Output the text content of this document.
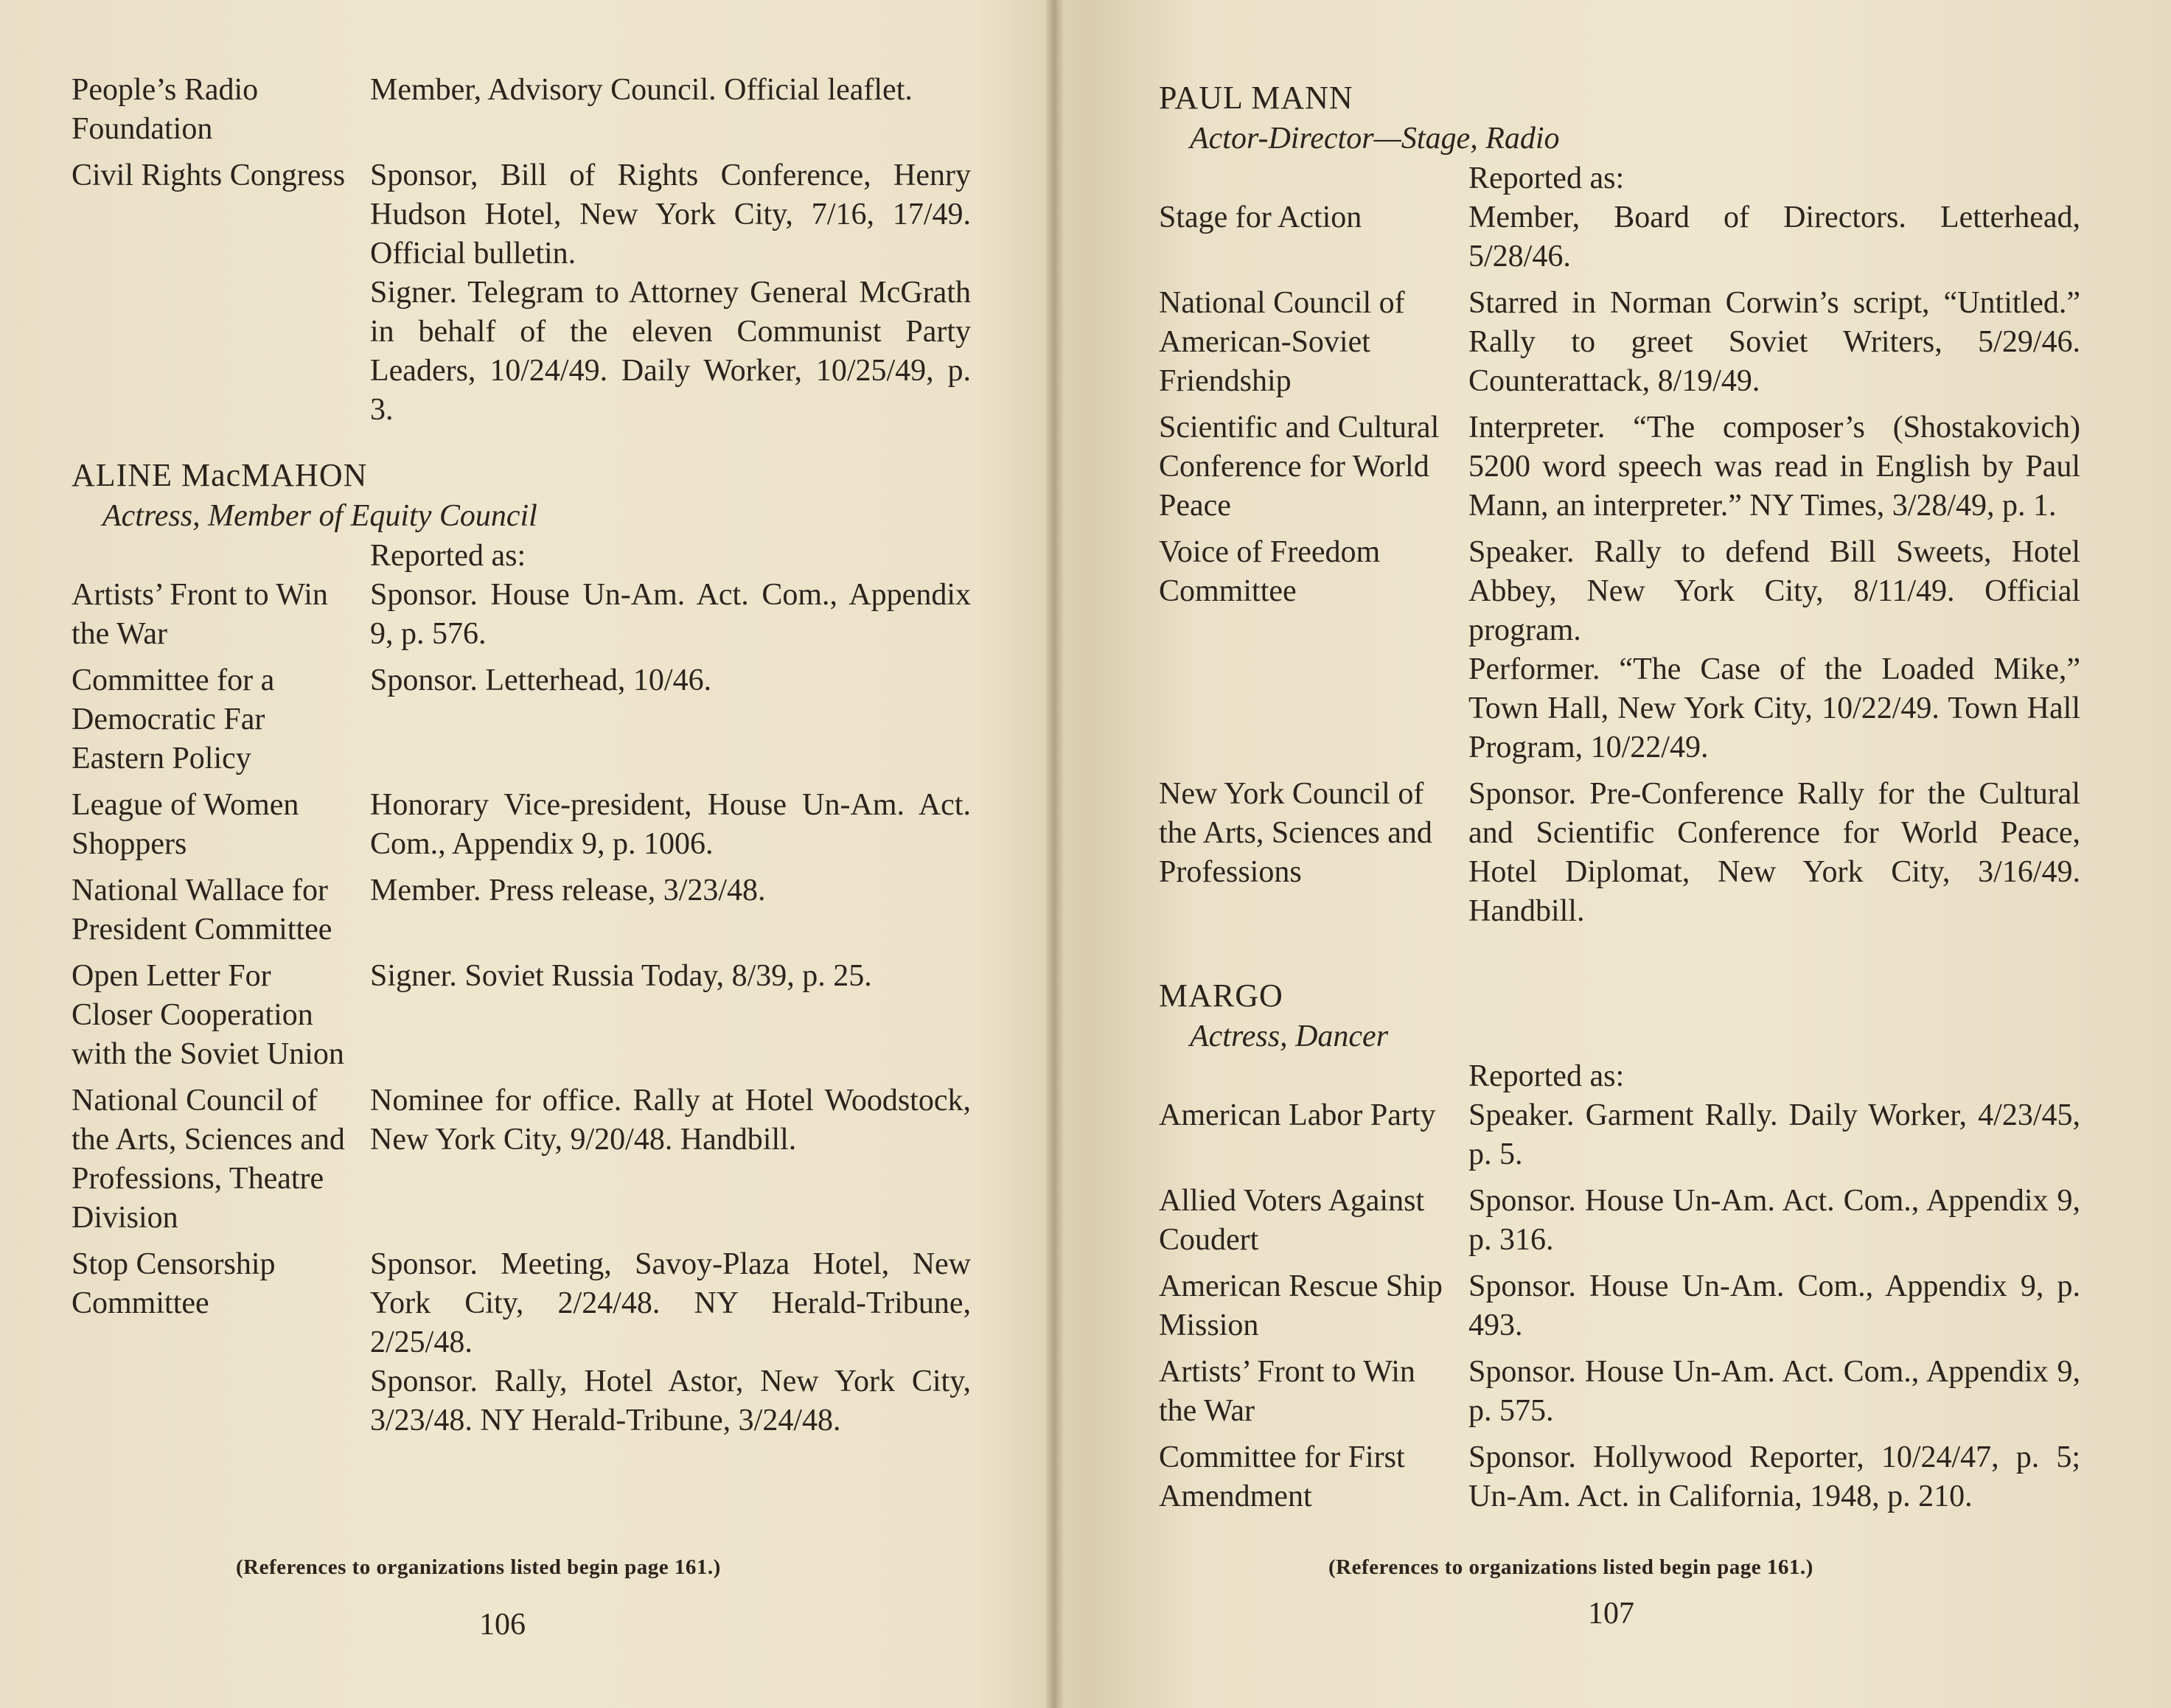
People’s Radio Foundation

Member, Advisory Council. Official leaflet.

Civil Rights Congress Sponsor, Bill of Rights Conference, Henry Hudson Hotel, New York City, 7/16, 17/49. Official bulletin.

Signer. Telegram to Attorney General McGrath in behalf of the eleven Communist Party Leaders, 10/24/49. Daily Worker, 10/25/49, p. 3.

ALINE MacMAHON
Actress, Member of Equity Council
Reported as:
Artists’ Front to Win the War

Sponsor. House Un-Am. Act. Com., Appendix 9, p. 576.

Committee for a Democratic Far Eastern Policy

Sponsor. Letterhead, 10/46.

League of Women Shoppers

Honorary Vice-president, House Un-Am. Act. Com., Appendix 9, p. 1006.

National Wallace for President Committee

Member. Press release, 3/23/48.

Open Letter For Closer Cooperation with the Soviet Union

Signer. Soviet Russia Today, 8/39, p. 25.

National Council of the Arts, Sciences and Professions, Theatre Division

Nominee for office. Rally at Hotel Woodstock, New York City, 9/20/48. Handbill.

Stop Censorship Committee

Sponsor. Meeting, Savoy-Plaza Hotel, New York City, 2/24/48. NY Herald-Tribune, 2/25/48.

Sponsor. Rally, Hotel Astor, New York City, 3/23/48. NY Herald-Tribune, 3/24/48.

(References to organizations listed begin page 161.)
106
PAUL MANN
Actor-Director—Stage, Radio
Reported as:
Stage for Action	Member, Board of Directors. Letterhead, 5/28/46.

National Council of American-Soviet Friendship

Starred in Norman Corwin’s script, “Untitled.” Rally to greet Soviet Writers, 5/29/46. Counterattack, 8/19/49.

Scientific and Cultural Conference for World Peace

Interpreter. “The composer’s (Shostakovich) 5200 word speech was read in English by Paul Mann, an interpreter.” NY Times, 3/28/49, p. 1.

Voice of Freedom Committee

Speaker. Rally to defend Bill Sweets, Hotel Abbey, New York City, 8/11/49. Official program.

Performer. “The Case of the Loaded Mike,” Town Hall, New York City, 10/22/49. Town Hall Program, 10/22/49.

New York Council of the Arts, Sciences and Professions

Sponsor. Pre-Conference Rally for the Cultural and Scientific Conference for World Peace, Hotel Diplomat, New York City, 3/16/49. Handbill.

MARGO
Actress, Dancer
Reported as:
American Labor Party	Speaker. Garment Rally. Daily Worker, 4/23/45, p. 5.

Allied Voters Against Coudert

Sponsor. House Un-Am. Act. Com., Appendix 9, p. 316.

American Rescue Ship Mission

Sponsor. House Un-Am. Com., Appendix 9, p. 493.

Artists’ Front to Win the War

Sponsor. House Un-Am. Act. Com., Appendix 9, p. 575.

Committee for First Amendment

Sponsor. Hollywood Reporter, 10/24/47, p. 5; Un-Am. Act. in California, 1948, p. 210.

(References to organizations listed begin page 161.)
107
